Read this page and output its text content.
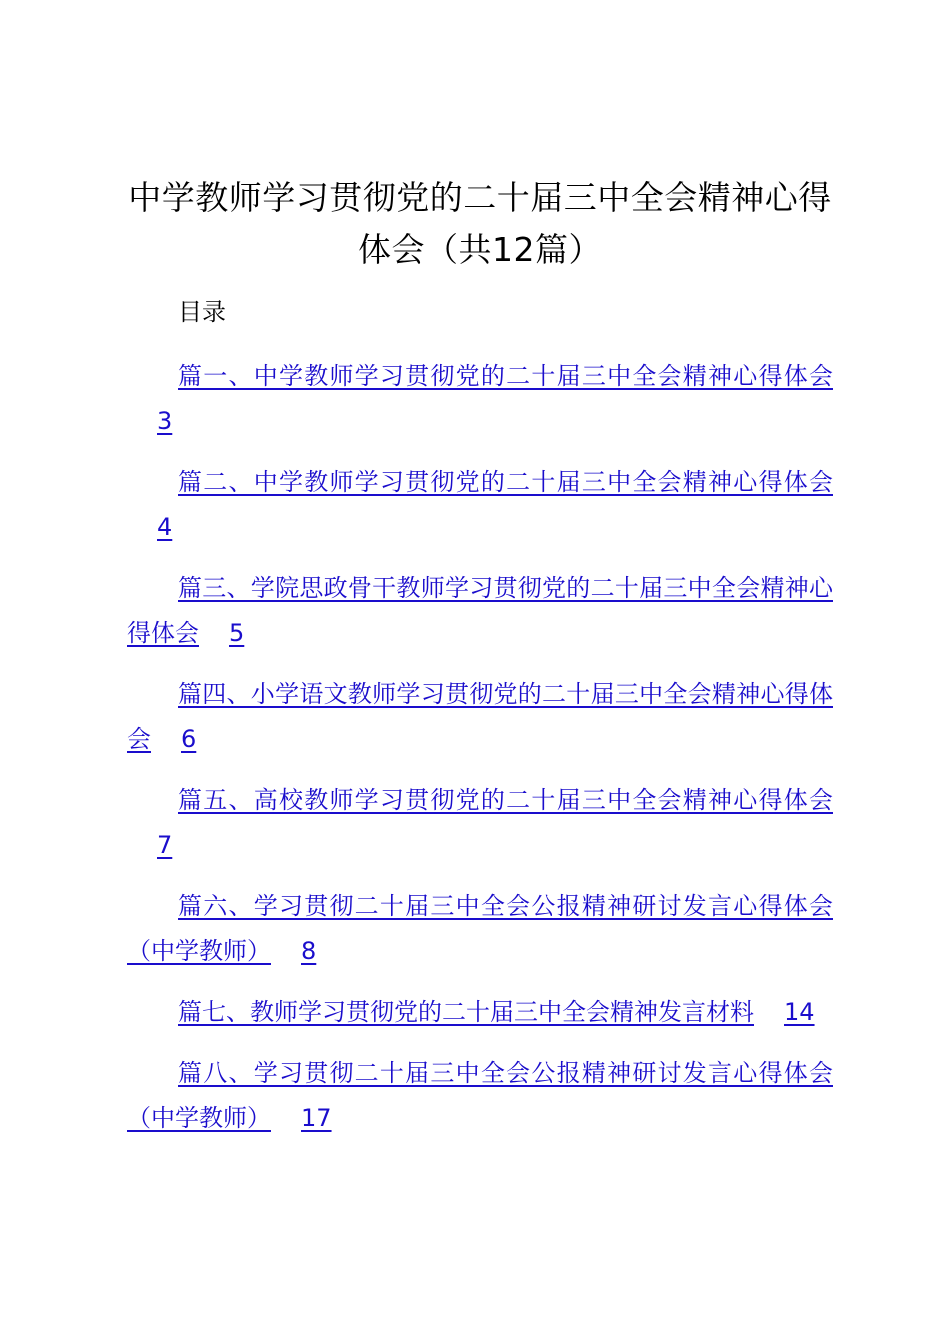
中学教师学习贯彻党的二十届三中全会精神心得体会（共12篇）
目录
篇一、中学教师学习贯彻党的二十届三中全会精神心得体会3
篇二、中学教师学习贯彻党的二十届三中全会精神心得体会4
篇三、学院思政骨干教师学习贯彻党的二十届三中全会精神心得体会 5
篇四、小学语文教师学习贯彻党的二十届三中全会精神心得体会 6
篇五、高校教师学习贯彻党的二十届三中全会精神心得体会7
篇六、学习贯彻二十届三中全会公报精神研讨发言心得体会（中学教师） 8
篇七、教师学习贯彻党的二十届三中全会精神发言材料 14
篇八、学习贯彻二十届三中全会公报精神研讨发言心得体会（中学教师） 17
